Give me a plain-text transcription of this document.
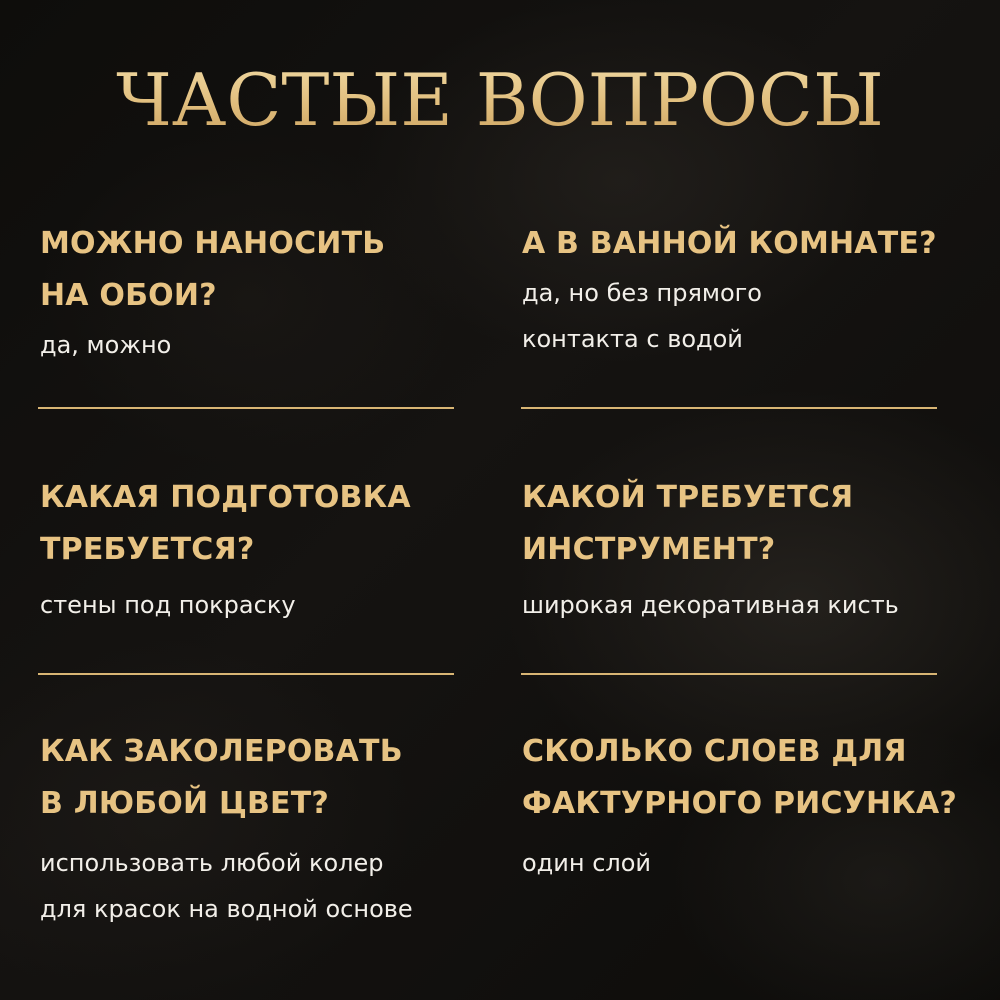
ЧАСТЫЕ ВОПРОСЫ
МОЖНО НАНОСИТЬ
НА ОБОИ?
да, можно
А В ВАННОЙ КОМНАТЕ?
да, но без прямого
контакта с водой
КАКАЯ ПОДГОТОВКА
ТРЕБУЕТСЯ?
стены под покраску
КАКОЙ ТРЕБУЕТСЯ
ИНСТРУМЕНТ?
широкая декоративная кисть
КАК ЗАКОЛЕРОВАТЬ
В ЛЮБОЙ ЦВЕТ?
использовать любой колер
для красок на водной основе
СКОЛЬКО СЛОЕВ ДЛЯ
ФАКТУРНОГО РИСУНКА?
один слой
